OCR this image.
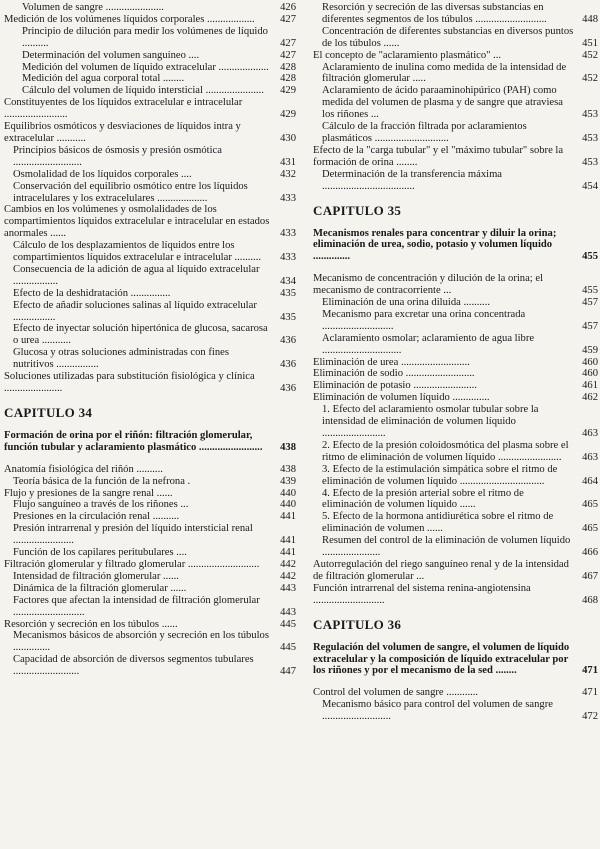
Volumen de sangre ......................	426
Medición de los volúmenes líquidos corporales .................. 427
Principio de dilución para medir los volúmenes de líquido ..........	427
Determinación del volumen sanguíneo ....	427
Medición del volumen de líquido extracelular ................... 428
Medición del agua corporal total ........	428
Cálculo del volumen de líquido intersticial ...................... 429
Constituyentes de los líquidos extracelular e intracelular ........................	429
Equilibrios osmóticos y desviaciones de líquidos intra y extracelular ...........	430
Principios básicos de ósmosis y presión osmótica ..........................	431
Osmolalidad de los líquidos corporales ....	432
Conservación del equilibrio osmótico entre los líquidos intracelulares y los extracelulares ...................	433
Cambios en los volúmenes y osmolalidades de los compartimientos líquidos extracelular e intracelular en estados anormales ......	433
Cálculo de los desplazamientos de líquidos entre los compartimientos líquidos extracelular e intracelular .......... 433
Consecuencia de la adición de agua al líquido extracelular .................	434
Efecto de la deshidratación ...............	435
Efecto de añadir soluciones salinas al líquido extracelular ................	435
Efecto de inyectar solución hipertónica de glucosa, sacarosa o urea ...........	436
Glucosa y otras soluciones administradas con fines nutritivos ................	436
Soluciones utilizadas para substitución fisiológica y clínica ......................	436
CAPITULO 34
Formación de orina por el riñón: filtración glomerular, función tubular y aclaramiento plasmático ........................ 438
Anatomía fisiológica del riñón ..........	438
Teoría básica de la función de la nefrona .	439
Flujo y presiones de la sangre renal ......	440
Flujo sanguíneo a través de los riñones ...	440
Presiones en la circulación renal ..........	441
Presión intrarrenal y presión del líquido intersticial renal .......................	441
Función de los capilares peritubulares ....	441
Filtración glomerular y filtrado glomerular ........................... 442
Intensidad de filtración glomerular ......	442
Dinámica de la filtración glomerular ......	443
Factores que afectan la intensidad de filtración glomerular ...........................	443
Resorción y secreción en los túbulos ......	445
Mecanismos básicos de absorción y secreción en los túbulos ..............	445
Capacidad de absorción de diversos segmentos tubulares .........................	447
Resorción y secreción de las diversas substancias en diferentes segmentos de los túbulos ...........................	448
Concentración de diferentes substancias en diversos puntos de los túbulos ......	451
El concepto de "aclaramiento plasmático" ...	452
Aclaramiento de inulina como medida de la intensidad de filtración glomerular .....	452
Aclaramiento de ácido paraaminohipúrico (PAH) como medida del volumen de plasma y de sangre que atraviesa los riñones ...	453
Cálculo de la fracción filtrada por aclaramientos plasmáticos ............................	453
Efecto de la "carga tubular" y el "máximo tubular" sobre la formación de orina ........	453
Determinación de la transferencia máxima ...................................	454
CAPITULO 35
Mecanismos renales para concentrar y diluir la orina; eliminación de urea, sodio, potasio y volumen líquido ..............	455
Mecanismo de concentración y dilución de la orina; el mecanismo de contracorriente ...	455
Eliminación de una orina diluida ..........	457
Mecanismo para excretar una orina concentrada ...........................	457
Aclaramiento osmolar; aclaramiento de agua libre ..............................	459
Eliminación de urea ..........................	460
Eliminación de sodio ..........................	460
Eliminación de potasio ........................	461
Eliminación de volumen líquido ..............	462
1. Efecto del aclaramiento osmolar tubular sobre la intensidad de eliminación de volumen líquido ........................	463
2. Efecto de la presión coloidosmótica del plasma sobre el ritmo de eliminación de volumen líquido ........................ 463
3. Efecto de la estimulación simpática sobre el ritmo de eliminación de volumen líquido ................................	464
4. Efecto de la presión arterial sobre el ritmo de eliminación de volumen líquido ......	465
5. Efecto de la hormona antidiurética sobre el ritmo de eliminación de volumen ......	465
Resumen del control de la eliminación de volumen líquido ......................	466
Autorregulación del riego sanguíneo renal y de la intensidad de filtración glomerular ...	467
Función intrarrenal del sistema renina-angiotensina ...........................	468
CAPITULO 36
Regulación del volumen de sangre, el volumen de líquido extracelular y la composición de líquido extracelular por los riñones y por el mecanismo de la sed ........	471
Control del volumen de sangre ............	471
Mecanismo básico para control del volumen de sangre ..........................	472
